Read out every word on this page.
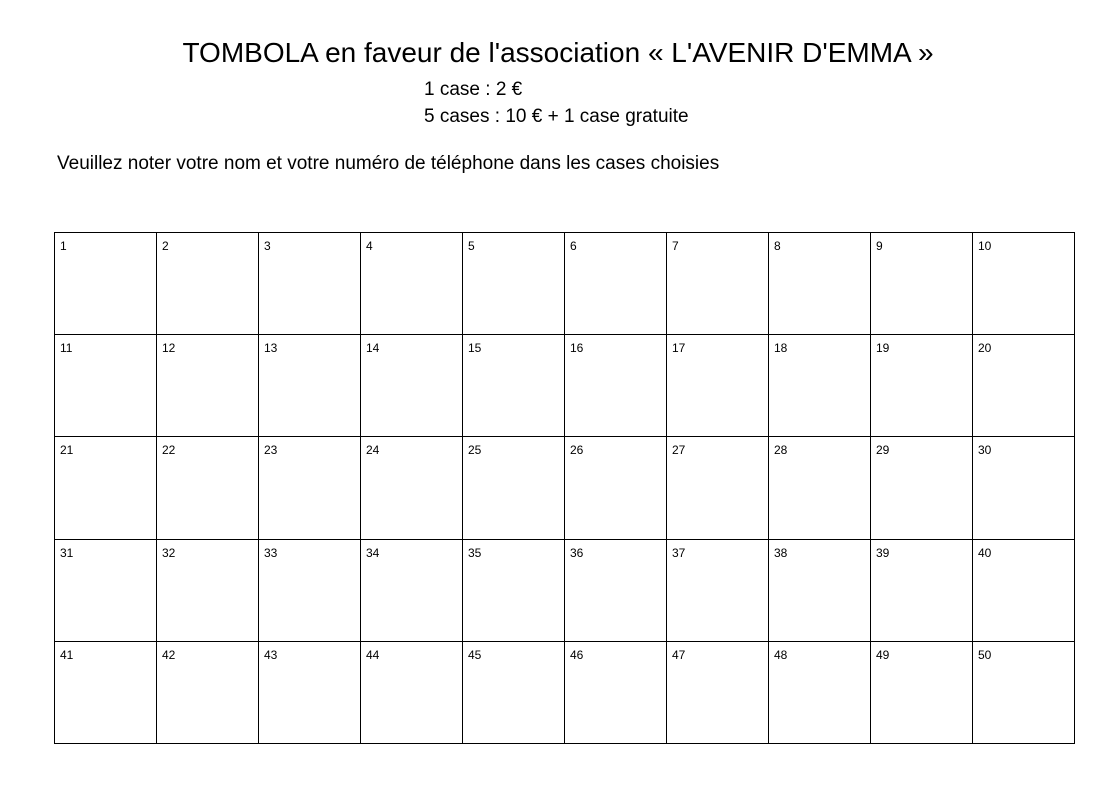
TOMBOLA en faveur de l'association « L'AVENIR D'EMMA »
1 case : 2 €
5 cases : 10 € + 1 case gratuite
Veuillez noter votre nom et votre numéro de téléphone dans les cases choisies
1	2	3	4	5	6	7	8	9	10

11	12	13	14	15	16	17	18	19	20

21	22	23	24	25	26	27	28	29	30

31	32	33	34	35	36	37	38	39	40

41	42	43	44	45	46	47	48	49	50
